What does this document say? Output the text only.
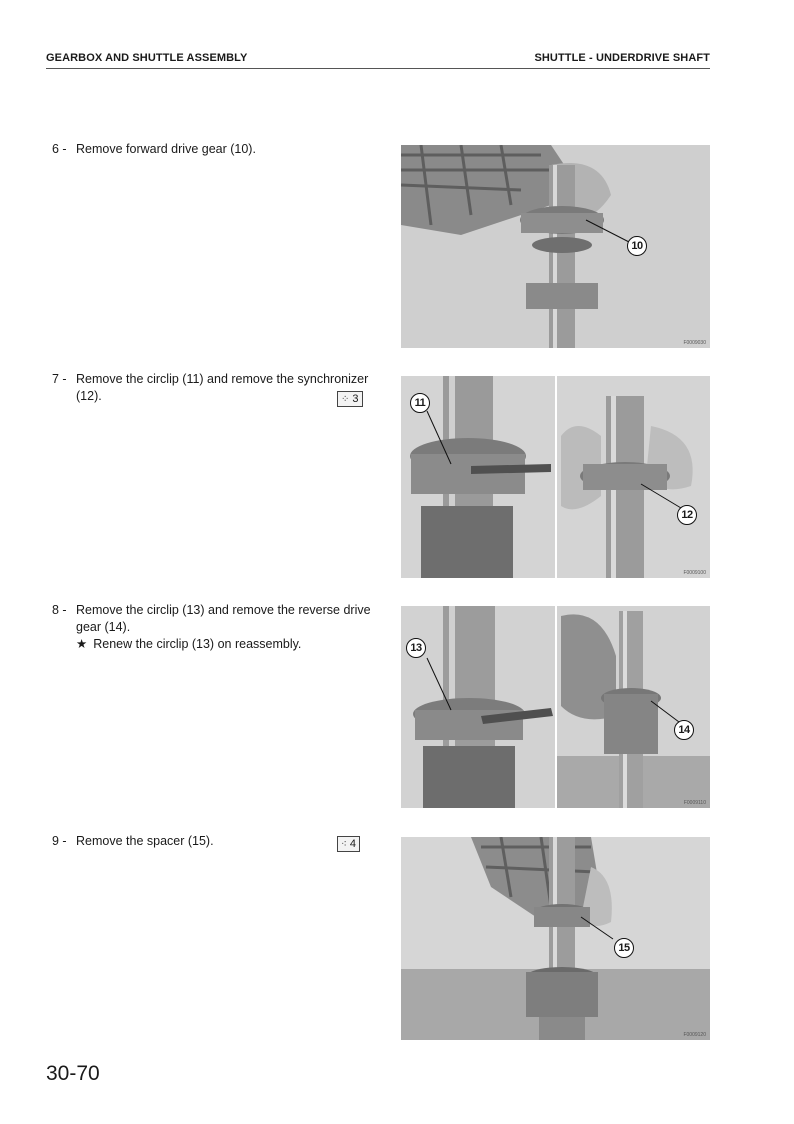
GEARBOX AND SHUTTLE ASSEMBLY	SHUTTLE - UNDERDRIVE SHAFT
6 - Remove forward drive gear (10).
10
F0009030
7 - Remove the circlip (11) and remove the synchronizer (12).	⁘ 3	11
12
F0009100
8 - Remove the circlip (13) and remove the reverse drive gear (14).
★ Renew the circlip (13) on reassembly.	13
14
F0009110
9 - Remove the spacer (15).	⁖ 4
15
F0009120
30-70
